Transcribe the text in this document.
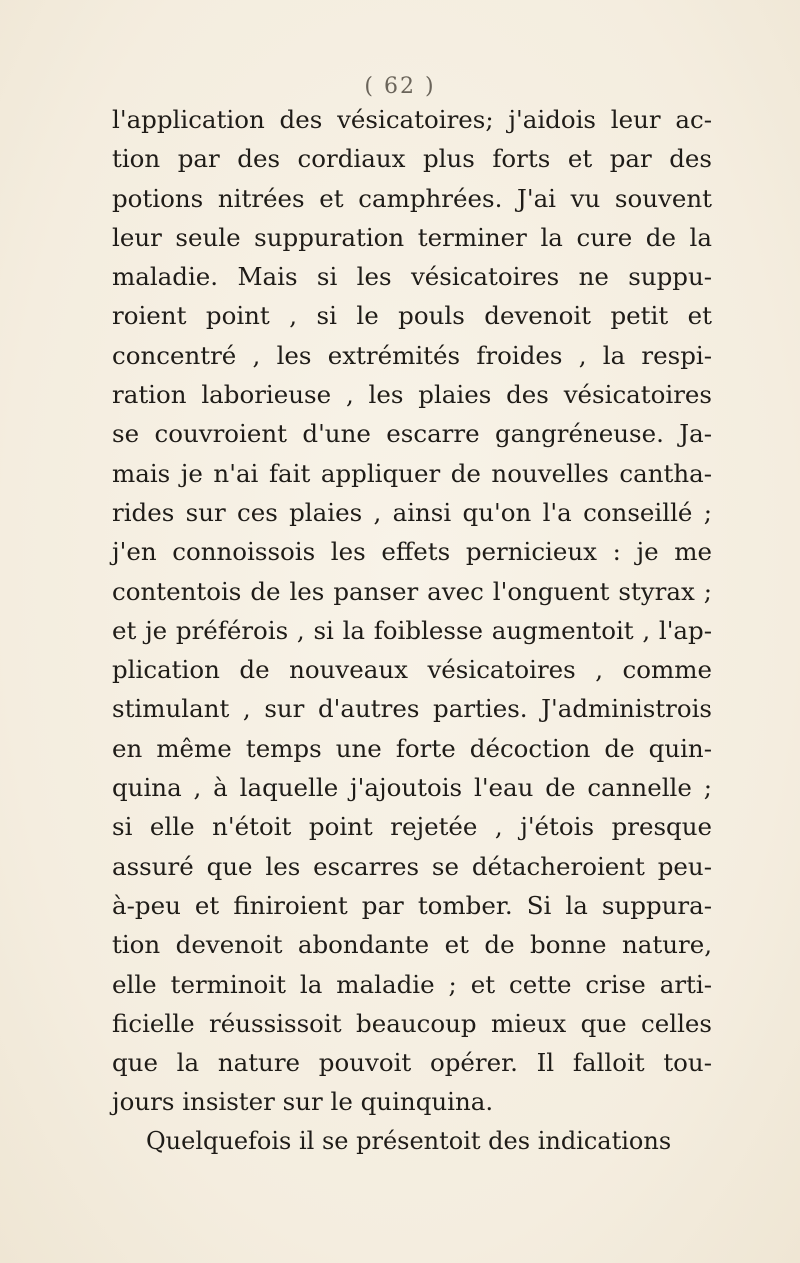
( 62 )
l'application des vésicatoires; j'aidois leur ac-
tion par des cordiaux plus forts et par des
potions nitrées et camphrées. J'ai vu souvent
leur seule suppuration terminer la cure de la
maladie. Mais si les vésicatoires ne suppu-
roient point , si le pouls devenoit petit et
concentré , les extrémités froides , la respi-
ration laborieuse , les plaies des vésicatoires
se couvroient d'une escarre gangréneuse. Ja-
mais je n'ai fait appliquer de nouvelles cantha-
rides sur ces plaies , ainsi qu'on l'a conseillé ;
j'en connoissois les effets pernicieux : je me
contentois de les panser avec l'onguent styrax ;
et je préférois , si la foiblesse augmentoit , l'ap-
plication de nouveaux vésicatoires , comme
stimulant , sur d'autres parties. J'administrois
en même temps une forte décoction de quin-
quina , à laquelle j'ajoutois l'eau de cannelle ;
si elle n'étoit point rejetée , j'étois presque
assuré que les escarres se détacheroient peu-
à-peu et finiroient par tomber. Si la suppura-
tion devenoit abondante et de bonne nature,
elle terminoit la maladie ; et cette crise arti-
ficielle réussissoit beaucoup mieux que celles
que la nature pouvoit opérer. Il falloit tou-
jours insister sur le quinquina.
Quelquefois il se présentoit des indications
